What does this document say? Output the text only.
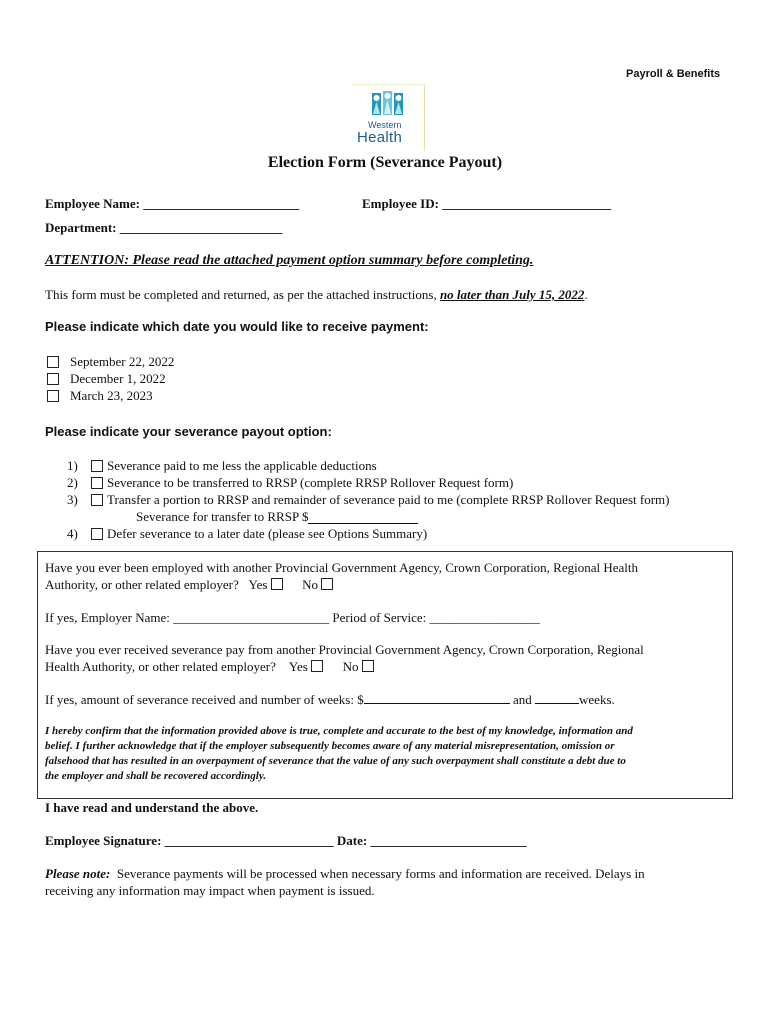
Payroll & Benefits
Western
Health
Election Form (Severance Payout)
Employee Name: ________________________	Employee ID: __________________________
Department: _________________________
ATTENTION: Please read the attached payment option summary before completing.
This form must be completed and returned, as per the attached instructions, no later than July 15, 2022.
Please indicate which date you would like to receive payment:
September 22, 2022
December 1, 2022
March 23, 2023
Please indicate your severance payout option:
1)	Severance paid to me less the applicable deductions
2)	Severance to be transferred to RRSP (complete RRSP Rollover Request form)
3)	Transfer a portion to RRSP and remainder of severance paid to me (complete RRSP Rollover Request form)
Severance for transfer to RRSP $
4)	Defer severance to a later date (please see Options Summary)
Have you ever been employed with another Provincial Government Agency, Crown Corporation, Regional Health
Authority, or other related employer? Yes	No
If yes, Employer Name: ________________________ Period of Service: _________________
Have you ever received severance pay from another Provincial Government Agency, Crown Corporation, Regional
Health Authority, or other related employer? Yes	No
If yes, amount of severance received and number of weeks: $	and	weeks.
I hereby confirm that the information provided above is true, complete and accurate to the best of my knowledge, information and
belief. I further acknowledge that if the employer subsequently becomes aware of any material misrepresentation, omission or
falsehood that has resulted in an overpayment of severance that the value of any such overpayment shall constitute a debt due to
the employer and shall be recovered accordingly.
I have read and understand the above.
Employee Signature: __________________________ Date: ________________________
Please note: Severance payments will be processed when necessary forms and information are received. Delays in
receiving any information may impact when payment is issued.
